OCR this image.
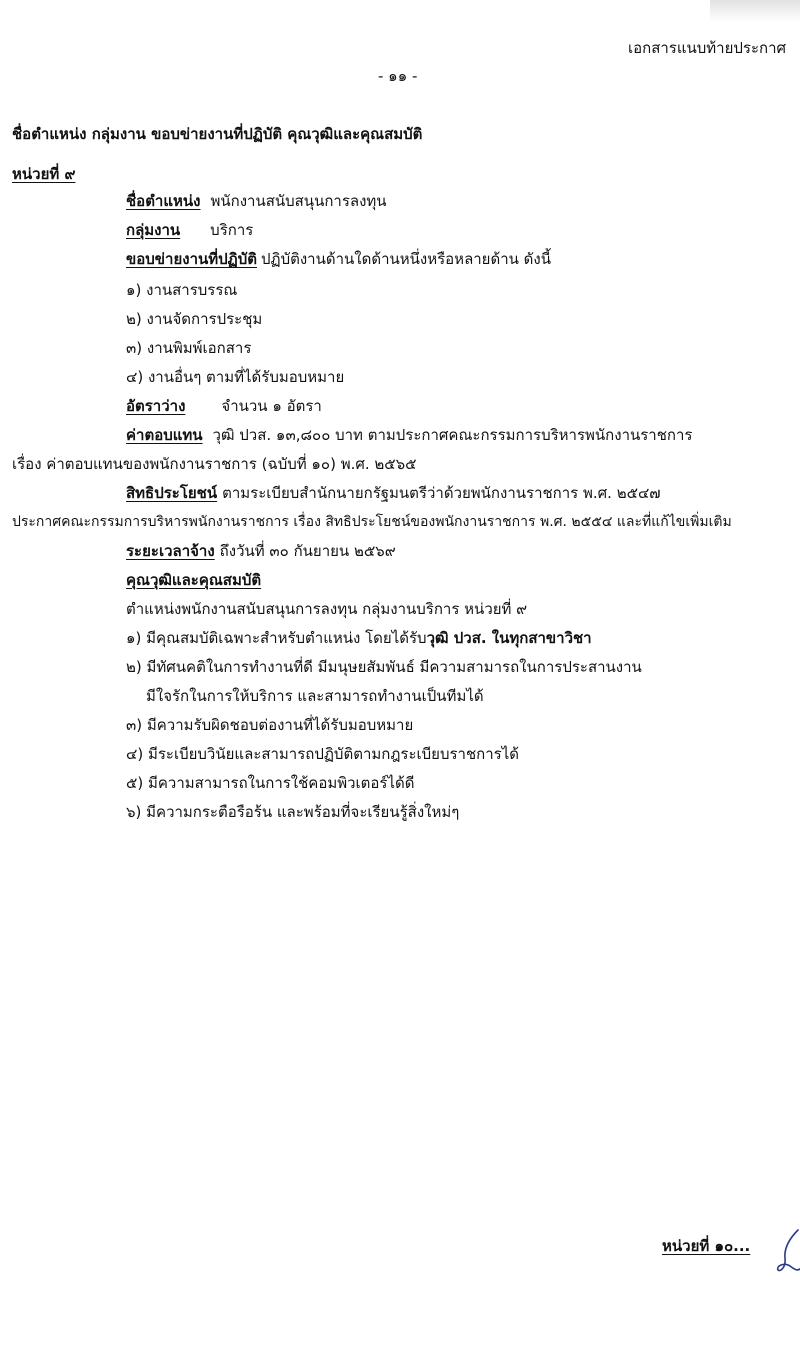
เอกสารแนบท้ายประกาศ
- ๑๑ -
ชื่อตำแหน่ง กลุ่มงาน ขอบข่ายงานที่ปฏิบัติ คุณวุฒิและคุณสมบัติ
หน่วยที่ ๙
ชื่อตำแหน่ง พนักงานสนับสนุนการลงทุน
กลุ่มงาน บริการ
ขอบข่ายงานที่ปฏิบัติ ปฏิบัติงานด้านใดด้านหนึ่งหรือหลายด้าน ดังนี้
๑) งานสารบรรณ
๒) งานจัดการประชุม
๓) งานพิมพ์เอกสาร
๔) งานอื่นๆ ตามที่ได้รับมอบหมาย
อัตราว่าง จำนวน ๑ อัตรา
ค่าตอบแทน วุฒิ ปวส. ๑๓,๘๐๐ บาท ตามประกาศคณะกรรมการบริหารพนักงานราชการ
เรื่อง ค่าตอบแทนของพนักงานราชการ (ฉบับที่ ๑๐) พ.ศ. ๒๕๖๕
สิทธิประโยชน์ ตามระเบียบสำนักนายกรัฐมนตรีว่าด้วยพนักงานราชการ พ.ศ. ๒๕๔๗
ประกาศคณะกรรมการบริหารพนักงานราชการ เรื่อง สิทธิประโยชน์ของพนักงานราชการ พ.ศ. ๒๕๕๔ และที่แก้ไขเพิ่มเติม
ระยะเวลาจ้าง ถึงวันที่ ๓๐ กันยายน ๒๕๖๙
คุณวุฒิและคุณสมบัติ
ตำแหน่งพนักงานสนับสนุนการลงทุน กลุ่มงานบริการ หน่วยที่ ๙
๑) มีคุณสมบัติเฉพาะสำหรับตำแหน่ง โดยได้รับวุฒิ ปวส. ในทุกสาขาวิชา
๒) มีทัศนคติในการทำงานที่ดี มีมนุษยสัมพันธ์ มีความสามารถในการประสานงาน
มีใจรักในการให้บริการ และสามารถทำงานเป็นทีมได้
๓) มีความรับผิดชอบต่องานที่ได้รับมอบหมาย
๔) มีระเบียบวินัยและสามารถปฏิบัติตามกฎระเบียบราชการได้
๕) มีความสามารถในการใช้คอมพิวเตอร์ได้ดี
๖) มีความกระตือรือร้น และพร้อมที่จะเรียนรู้สิ่งใหม่ๆ
หน่วยที่ ๑๐...
